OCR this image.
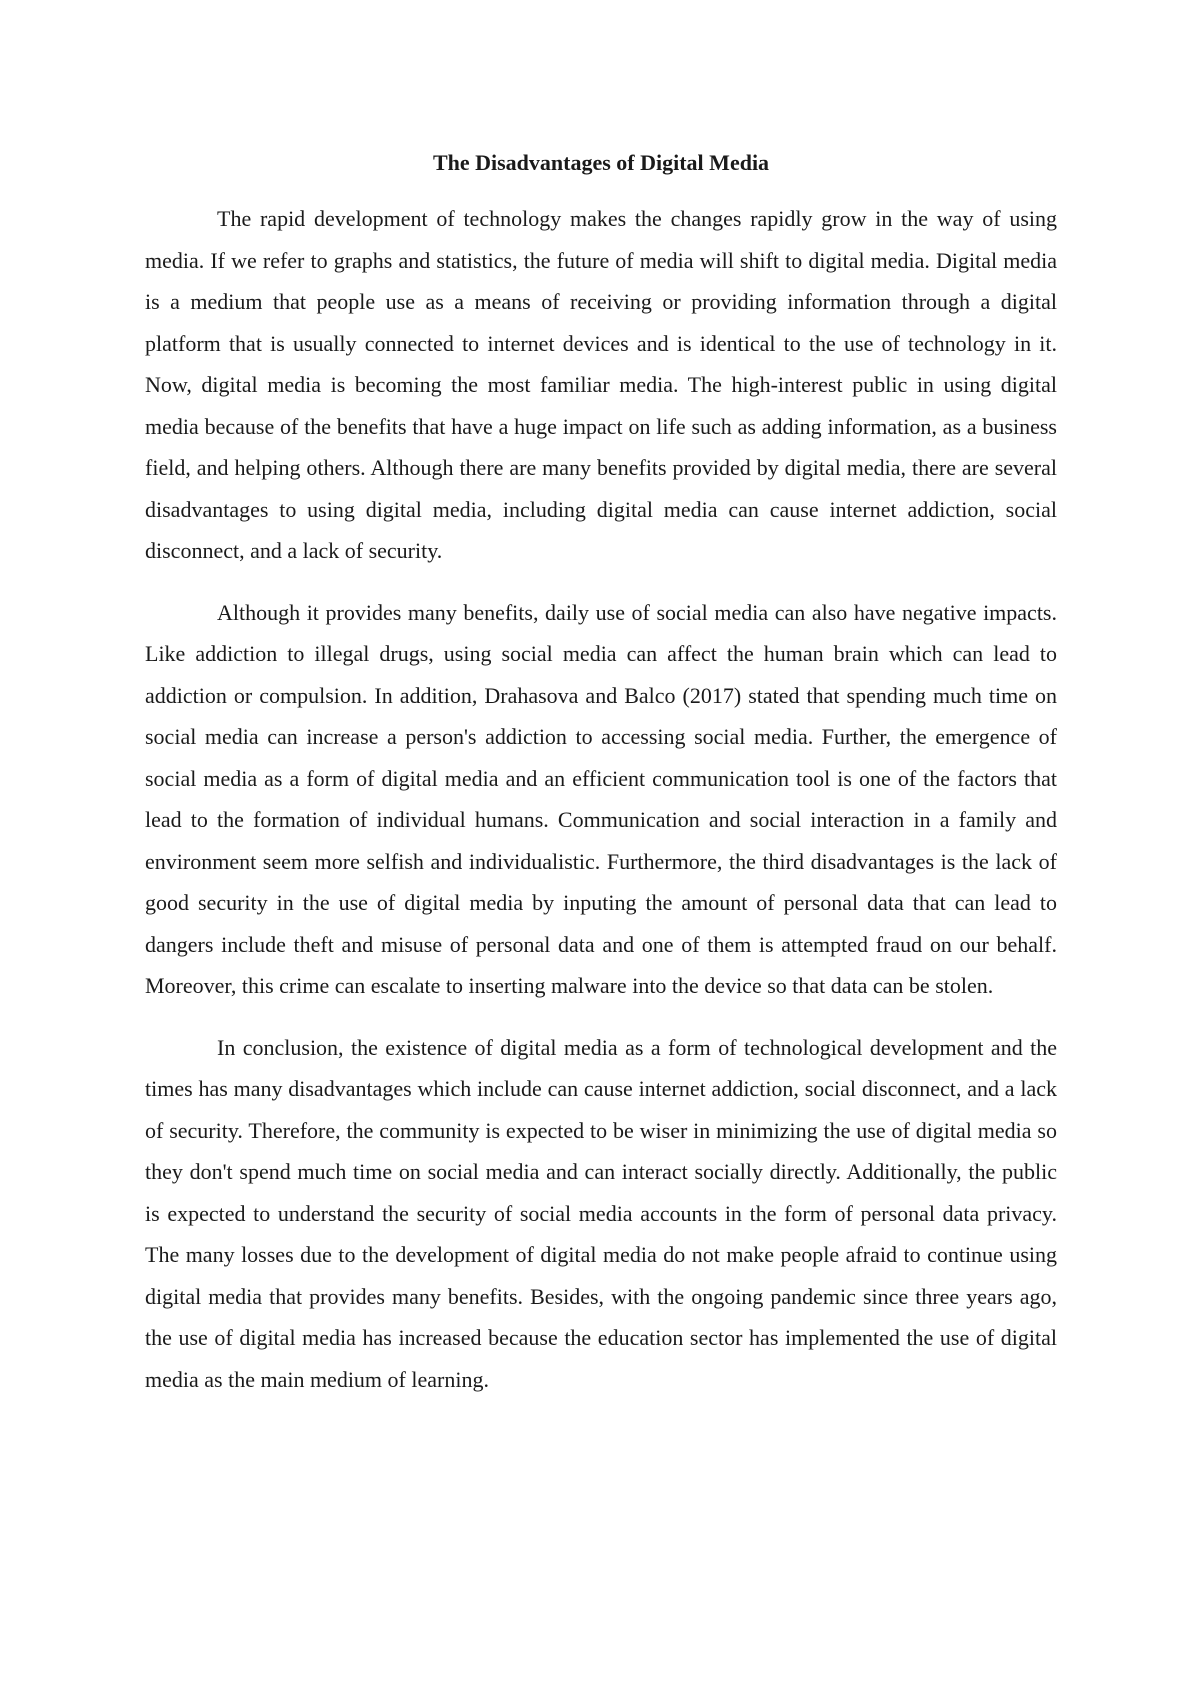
The Disadvantages of Digital Media

The rapid development of technology makes the changes rapidly grow in the way of using media. If we refer to graphs and statistics, the future of media will shift to digital media. Digital media is a medium that people use as a means of receiving or providing information through a digital platform that is usually connected to internet devices and is identical to the use of technology in it. Now, digital media is becoming the most familiar media. The high-interest public in using digital media because of the benefits that have a huge impact on life such as adding information, as a business field, and helping others. Although there are many benefits provided by digital media, there are several disadvantages to using digital media, including digital media can cause internet addiction, social disconnect, and a lack of security.

Although it provides many benefits, daily use of social media can also have negative impacts. Like addiction to illegal drugs, using social media can affect the human brain which can lead to addiction or compulsion. In addition, Drahasova and Balco (2017) stated that spending much time on social media can increase a person's addiction to accessing social media. Further, the emergence of social media as a form of digital media and an efficient communication tool is one of the factors that lead to the formation of individual humans. Communication and social interaction in a family and environment seem more selfish and individualistic. Furthermore, the third disadvantages is the lack of good security in the use of digital media by inputing the amount of personal data that can lead to dangers include theft and misuse of personal data and one of them is attempted fraud on our behalf. Moreover, this crime can escalate to inserting malware into the device so that data can be stolen.

In conclusion, the existence of digital media as a form of technological development and the times has many disadvantages which include can cause internet addiction, social disconnect, and a lack of security. Therefore, the community is expected to be wiser in minimizing the use of digital media so they don't spend much time on social media and can interact socially directly. Additionally, the public is expected to understand the security of social media accounts in the form of personal data privacy. The many losses due to the development of digital media do not make people afraid to continue using digital media that provides many benefits. Besides, with the ongoing pandemic since three years ago, the use of digital media has increased because the education sector has implemented the use of digital media as the main medium of learning.
